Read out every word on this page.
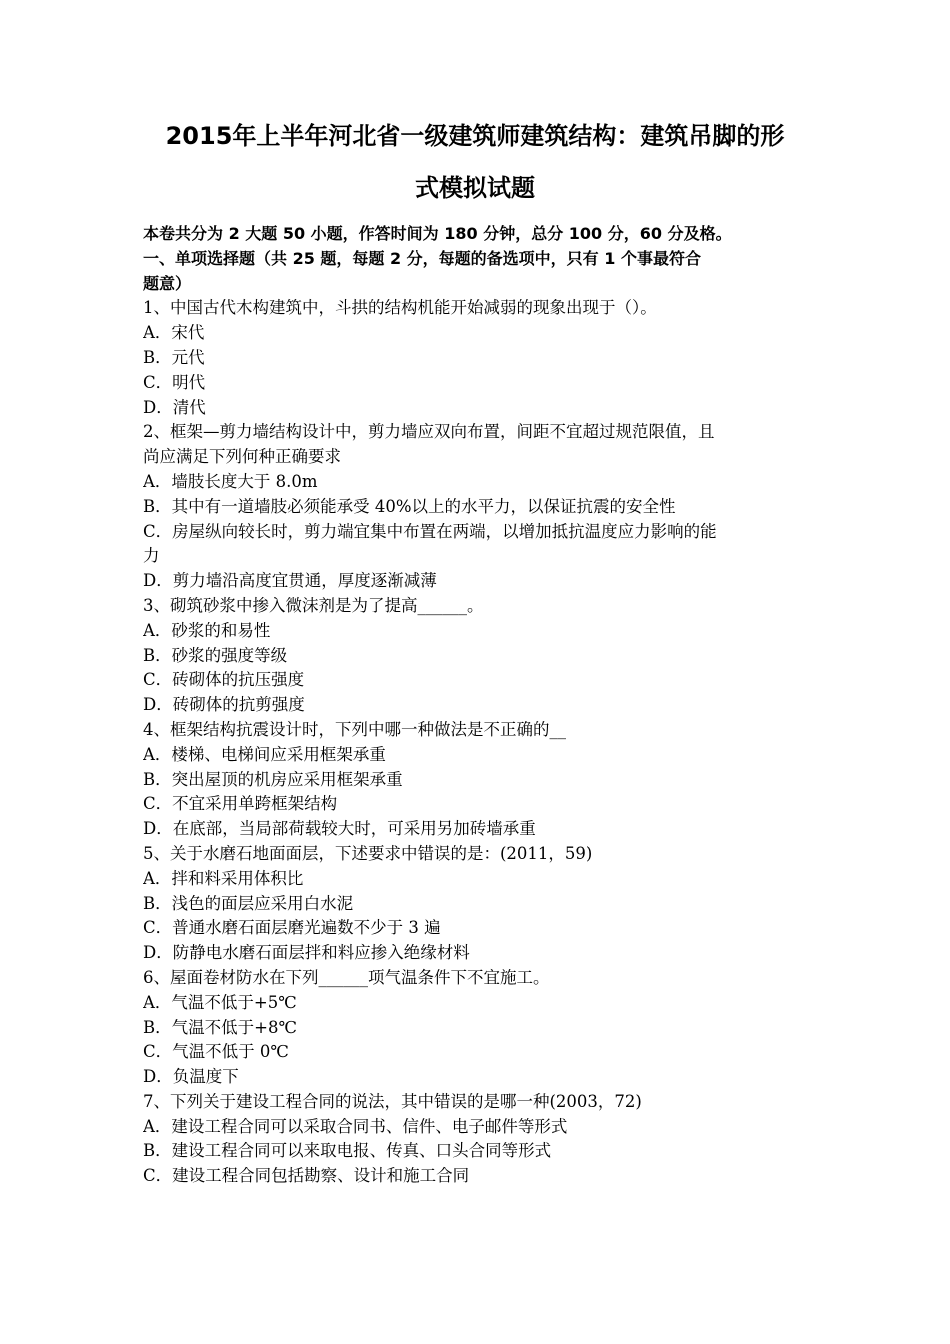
2015年上半年河北省一级建筑师建筑结构：建筑吊脚的形
式模拟试题

本卷共分为 2 大题 50 小题，作答时间为 180 分钟，总分 100 分，60 分及格。

一、单项选择题（共 25 题，每题 2 分，每题的备选项中，只有 1 个事最符合

题意）

1、中国古代木构建筑中，斗拱的结构机能开始减弱的现象出现于（）。

A．宋代

B．元代

C．明代

D．清代

2、框架—剪力墙结构设计中，剪力墙应双向布置，间距不宜超过规范限值，且

尚应满足下列何种正确要求

A．墙肢长度大于 8.0m

B．其中有一道墙肢必须能承受 40%以上的水平力，以保证抗震的安全性

C．房屋纵向较长时，剪力端宜集中布置在两端，以增加抵抗温度应力影响的能

力

D．剪力墙沿高度宜贯通，厚度逐渐减薄

3、砌筑砂浆中掺入微沫剂是为了提高______。

A．砂浆的和易性

B．砂浆的强度等级

C．砖砌体的抗压强度

D．砖砌体的抗剪强度

4、框架结构抗震设计时，下列中哪一种做法是不正确的__

A．楼梯、电梯间应采用框架承重

B．突出屋顶的机房应采用框架承重

C．不宜采用单跨框架结构

D．在底部，当局部荷载较大时，可采用另加砖墙承重

5、关于水磨石地面面层，下述要求中错误的是：(2011，59)

A．拌和料采用体积比

B．浅色的面层应采用白水泥

C．普通水磨石面层磨光遍数不少于 3 遍

D．防静电水磨石面层拌和料应掺入绝缘材料

6、屋面卷材防水在下列______项气温条件下不宜施工。

A．气温不低于+5℃

B．气温不低于+8℃

C．气温不低于 0℃

D．负温度下

7、下列关于建设工程合同的说法，其中错误的是哪一种(2003，72)

A．建设工程合同可以采取合同书、信件、电子邮件等形式

B．建设工程合同可以来取电报、传真、口头合同等形式

C．建设工程合同包括勘察、设计和施工合同
